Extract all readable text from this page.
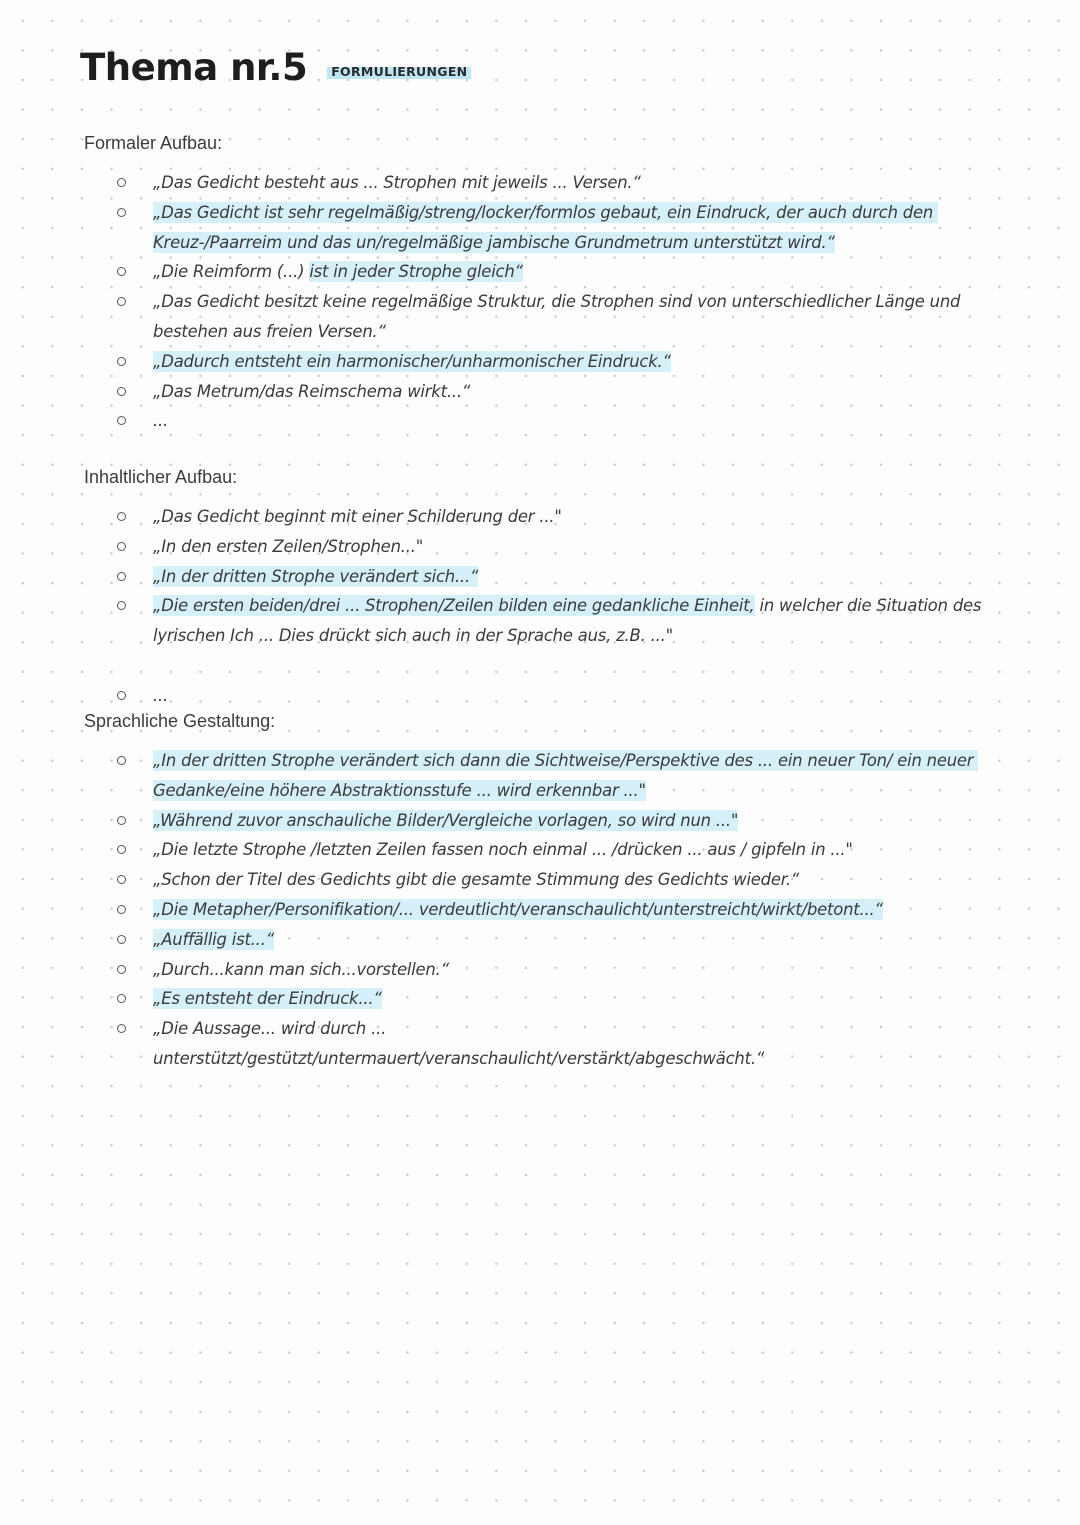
Thema nr.5	FORMULIERUNGEN
Formaler Aufbau:
„Das Gedicht besteht aus ... Strophen mit jeweils ... Versen.“
„Das Gedicht ist sehr regelmäßig/streng/locker/formlos gebaut, ein Eindruck, der auch durch den Kreuz-/Paarreim und das un/regelmäßige jambische Grundmetrum unterstützt wird.“
„Die Reimform (...) ist in jeder Strophe gleich“
„Das Gedicht besitzt keine regelmäßige Struktur, die Strophen sind von unterschiedlicher Länge und bestehen aus freien Versen.“
„Dadurch entsteht ein harmonischer/unharmonischer Eindruck.“
„Das Metrum/das Reimschema wirkt...“
...
Inhaltlicher Aufbau:
„Das Gedicht beginnt mit einer Schilderung der ..."
„In den ersten Zeilen/Strophen..."
„In der dritten Strophe verändert sich...“
„Die ersten beiden/drei ... Strophen/Zeilen bilden eine gedankliche Einheit, in welcher die Situation des lyrischen Ich ... Dies drückt sich auch in der Sprache aus, z.B. ..."
...
Sprachliche Gestaltung:
„In der dritten Strophe verändert sich dann die Sichtweise/Perspektive des ... ein neuer Ton/ ein neuer Gedanke/eine höhere Abstraktionsstufe ... wird erkennbar ..."
„Während zuvor anschauliche Bilder/Vergleiche vorlagen, so wird nun ..."
„Die letzte Strophe /letzten Zeilen fassen noch einmal ... /drücken ... aus / gipfeln in ..."
„Schon der Titel des Gedichts gibt die gesamte Stimmung des Gedichts wieder.“
„Die Metapher/Personifikation/... verdeutlicht/veranschaulicht/unterstreicht/wirkt/betont...“
„Auffällig ist...“
„Durch...kann man sich...vorstellen.“
„Es entsteht der Eindruck...“
„Die Aussage... wird durch ... unterstützt/gestützt/untermauert/veranschaulicht/verstärkt/abgeschwächt.“
